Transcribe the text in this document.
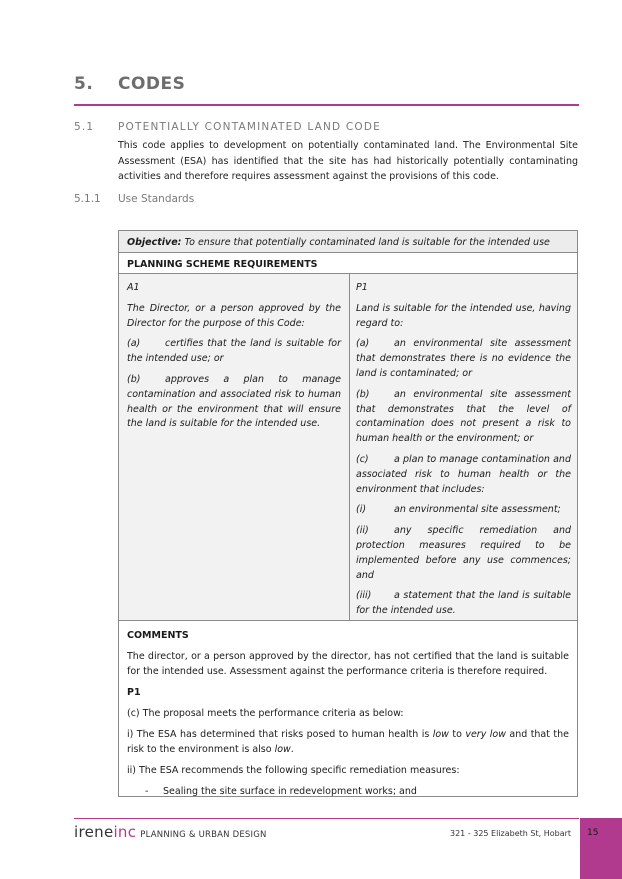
5. CODES
5.1 POTENTIALLY CONTAMINATED LAND CODE
This code applies to development on potentially contaminated land. The Environmental Site Assessment (ESA) has identified that the site has had historically potentially contaminating activities and therefore requires assessment against the provisions of this code.
5.1.1 Use Standards
Objective: To ensure that potentially contaminated land is suitable for the intended use
PLANNING SCHEME REQUIREMENTS

A1

The Director, or a person approved by the Director for the purpose of this Code:

(a)	certifies that the land is suitable for the intended use; or

(b)	approves a plan to manage contamination and associated risk to human health or the environment that will ensure the land is suitable for the intended use.

P1

Land is suitable for the intended use, having regard to:

(a)	an environmental site assessment that demonstrates there is no evidence the land is contaminated; or

(b)	an environmental site assessment that demonstrates that the level of contamination does not present a risk to human health or the environment; or

(c)	a plan to manage contamination and associated risk to human health or the environment that includes:

(i)	an environmental site assessment;

(ii)	any specific remediation and protection measures required to be implemented before any use commences; and

(iii) a statement that the land is suitable for the intended use.

COMMENTS

The director, or a person approved by the director, has not certified that the land is suitable for the intended use. Assessment against the performance criteria is therefore required.

P1

(c) The proposal meets the performance criteria as below:

i) The ESA has determined that risks posed to human health is low to very low and that the risk to the environment is also low.

ii) The ESA recommends the following specific remediation measures:

- Sealing the site surface in redevelopment works; and

ireneinc PLANNING & URBAN DESIGN	321 - 325 Elizabeth St, Hobart 15
